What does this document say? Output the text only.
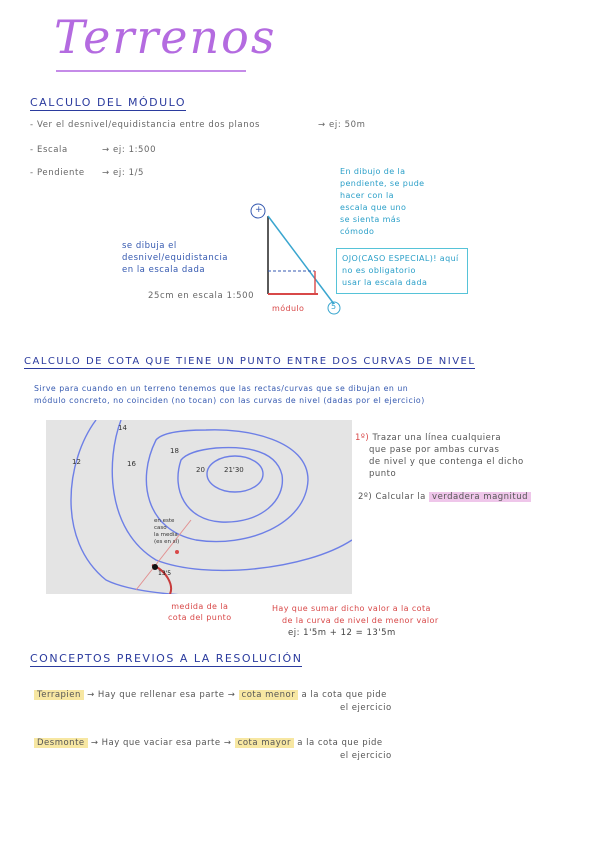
Terrenos
CALCULO DEL MÓDULO
- Ver el desnivel/equidistancia entre dos planos	→ ej: 50m
- Escala	→ ej: 1:500
- Pendiente → ej: 1/5	En dibujo de la
pendiente, se pude
hacer con la
escala que uno
se sienta más
cómodo
OJO(CASO ESPECIAL)! aquí
no es obligatorio
usar la escala dada
se dibuja el
desnivel/equidistancia
en la escala dada
25cm en escala 1:500
+
5
módulo
CALCULO DE COTA QUE TIENE UN PUNTO ENTRE DOS CURVAS DE NIVEL
Sirve para cuando en un terreno tenemos que las rectas/curvas que se dibujan en un
módulo concreto, no coinciden (no tocan) con las curvas de nivel (dadas por el ejercicio)
14
12	16
18
20	21'30
en este
caso
la media
(es en sí)
13'5
1º) Trazar una línea cualquiera
que pase por ambas curvas
de nivel y que contenga el dicho
punto
2º) Calcular la verdadera magnitud
medida de la
cota del punto
Hay que sumar dicho valor a la cota
de la curva de nivel de menor valor
ej: 1'5m + 12 = 13'5m
CONCEPTOS PREVIOS A LA RESOLUCIÓN
Terrapien → Hay que rellenar esa parte → cota menor a la cota que pide
el ejercicio
Desmonte → Hay que vaciar esa parte → cota mayor a la cota que pide
el ejercicio
